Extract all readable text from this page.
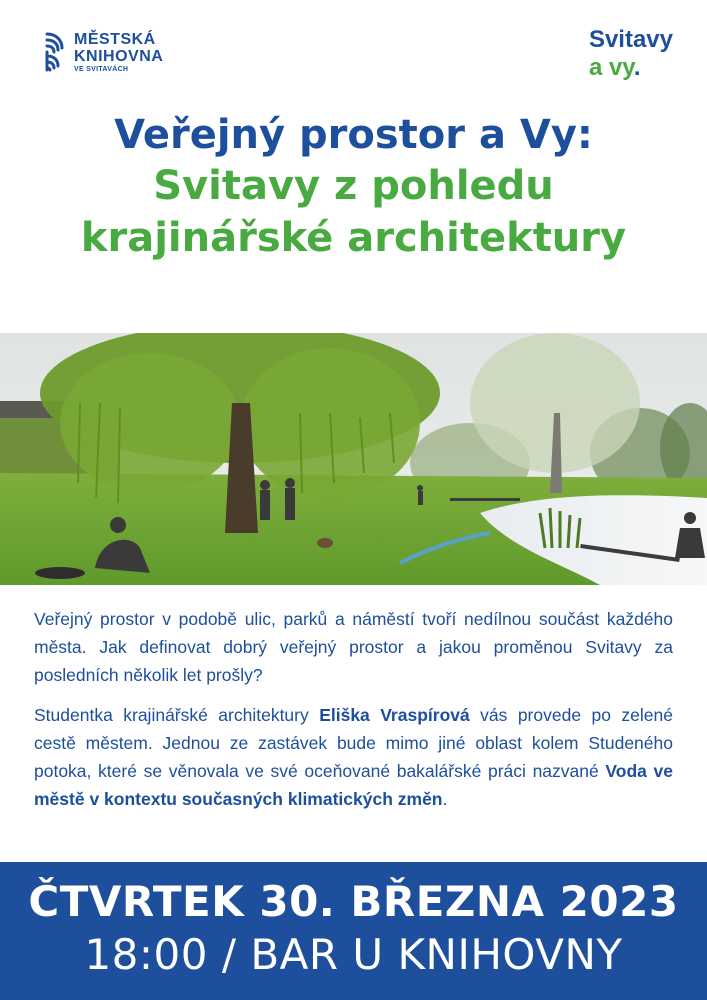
MĚSTSKÁ
KNIHOVNA
VE SVITAVÁCH
Svitavy
a vy.
Veřejný prostor a Vy:
Svitavy z pohledu
krajinářské architektury

Veřejný prostor v podobě ulic, parků a náměstí tvoří nedílnou součást každého města. Jak definovat dobrý veřejný prostor a jakou proměnou Svitavy za posledních několik let prošly?

Studentka krajinářské architektury Eliška Vraspírová vás provede po zelené cestě městem. Jednou ze zastávek bude mimo jiné oblast kolem Studeného potoka, které se věnovala ve své oceňované bakalářské práci nazvané Voda ve městě v kontextu současných klimatických změn.

ČTVRTEK 30. BŘEZNA 2023
18:00 / BAR U KNIHOVNY
